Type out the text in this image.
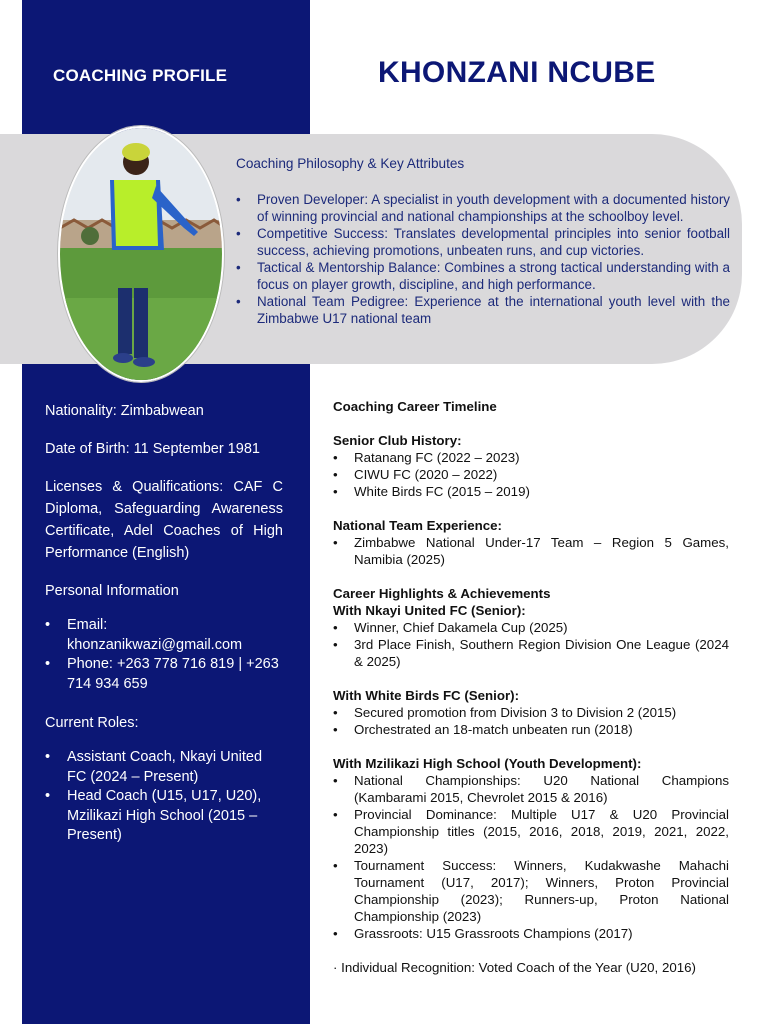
COACHING PROFILE	KHONZANI NCUBE
Coaching Philosophy & Key Attributes
• Proven Developer: A specialist in youth development with a documented history of winning provincial and national championships at the schoolboy level.
• Competitive Success: Translates developmental principles into senior football success, achieving promotions, unbeaten runs, and cup victories.
• Tactical & Mentorship Balance: Combines a strong tactical understanding with a focus on player growth, discipline, and high performance.
• National Team Pedigree: Experience at the international youth level with the Zimbabwe U17 national team

Nationality: Zimbabwean

Date of Birth: 11 September 1981

Licenses & Qualifications: CAF C Diploma, Safeguarding Awareness Certificate, Adel Coaches of High Performance (English)

Personal Information

• Email: khonzanikwazi@gmail.com
• Phone: +263 778 716 819 | +263 714 934 659

Current Roles:

• Assistant Coach, Nkayi United FC (2024 – Present)
• Head Coach (U15, U17, U20), Mzilikazi High School (2015 – Present)
Coaching Career Timeline
Senior Club History:
• Ratanang FC (2022 – 2023)
• CIWU FC (2020 – 2022)
• White Birds FC (2015 – 2019)
National Team Experience:
• Zimbabwe National Under-17 Team – Region 5 Games, Namibia (2025)
Career Highlights & Achievements
With Nkayi United FC (Senior):
• Winner, Chief Dakamela Cup (2025)
• 3rd Place Finish, Southern Region Division One League (2024 & 2025)
With White Birds FC (Senior):
• Secured promotion from Division 3 to Division 2 (2015)
• Orchestrated an 18-match unbeaten run (2018)
With Mzilikazi High School (Youth Development):
• National Championships: U20 National Champions (Kambarami 2015, Chevrolet 2015 & 2016)
• Provincial Dominance: Multiple U17 & U20 Provincial Championship titles (2015, 2016, 2018, 2019, 2021, 2022, 2023)
• Tournament Success: Winners, Kudakwashe Mahachi Tournament (U17, 2017); Winners, Proton Provincial Championship (2023); Runners-up, Proton National Championship (2023)
• Grassroots: U15 Grassroots Champions (2017)

· Individual Recognition: Voted Coach of the Year (U20, 2016)
